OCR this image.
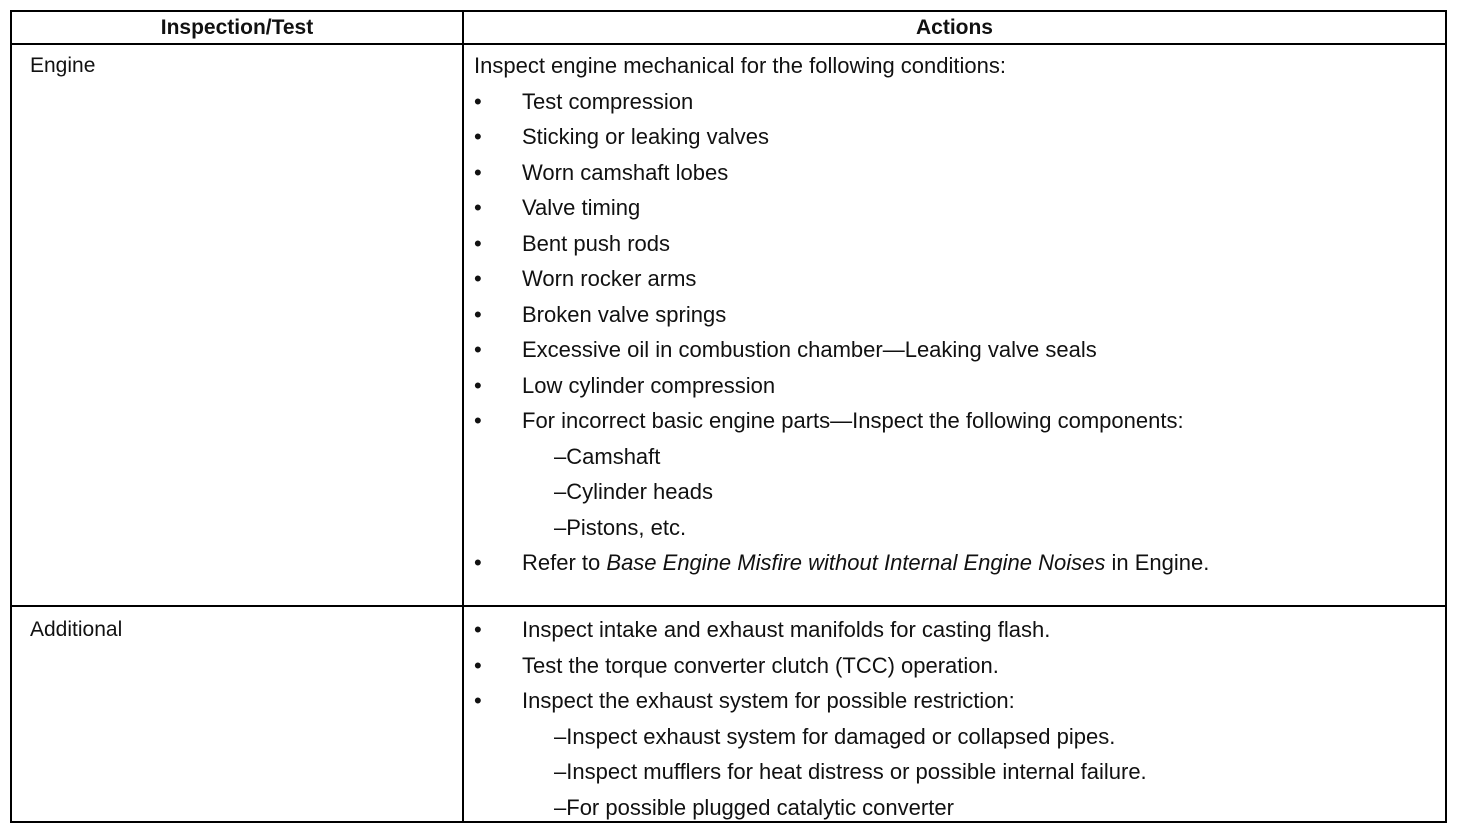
Inspection/Test	Actions
Engine	Inspect engine mechanical for the following conditions:
• Test compression
• Sticking or leaking valves
• Worn camshaft lobes
• Valve timing
• Bent push rods
• Worn rocker arms
• Broken valve springs
• Excessive oil in combustion chamber—Leaking valve seals
• Low cylinder compression
• For incorrect basic engine parts—Inspect the following components:
– Camshaft
– Cylinder heads
– Pistons, etc.
• Refer to Base Engine Misfire without Internal Engine Noises in Engine.
Additional
•	Inspect intake and exhaust manifolds for casting flash.
• Test the torque converter clutch (TCC) operation.
• Inspect the exhaust system for possible restriction:
– Inspect exhaust system for damaged or collapsed pipes.
– Inspect mufflers for heat distress or possible internal failure.
– For possible plugged catalytic converter
